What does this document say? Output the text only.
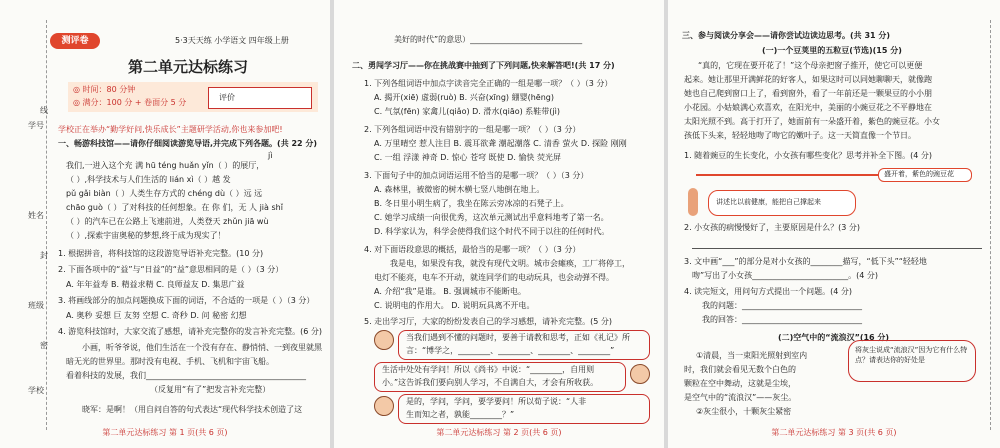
学号
姓名
班级
学校
线
封
密
测评卷	5·3天天练 小学语文 四年级上册
第二单元达标练习
◎ 时间：80 分钟
◎ 满分：100 分 + 卷面分 5 分
评价
学校正在举办“勤学好问,快乐成长”主题研学活动,你也来参加吧!
一、畅游科技馆——请你仔细阅读游览导语,并完成下列各题。(共 22 分)
jì
我们,一进入这个充 满 hū téng huǎn yǐn（ ）的展厅，
（ ）,科学技术与人们生活的 lián xì（ ）越 发
pǔ gǎi biàn（ ）人类生存方式的 chéng dù（ ）远 远
chāo guò（ ）了对科技的任何想象。在 你 们，无 人 jià shǐ
（ ）的汽车已在公路上飞速前进，人类登天 zhǔn jiā wù
（ ）,探索宇宙奥秘的梦想,终于成为现实了！
1. 根据拼音，将科技馆的这段游览导语补充完整。(10 分)
2. 下面各项中的“益”与“日益”的“益”意思相同的是（ ）（3 分）
A. 年年益寿 B. 精益求精 C. 良师益友 D. 集思广益
3. 将画线部分的加点问题换成下面的词语，不合适的一项是（ ）（3 分）
A. 奥秒 妥想 巨 友努 空想 C. 奇秒 D. 问 秘密 幻想
4. 游览科技馆时，大家交流了感想，请补充完整你的发言补充完整。(6 分)
小画，听爷爷说，他们生活在一个没有存在、静悄悄、一到夜里就黑
暗无光的世界里。那时没有电视、手机、飞机和宇宙飞船。
看着科技的发展，我们________________________________________
（反复用“有了”把发言补充完整）
晓军：是啊！（用自问自答的句式表达“现代科学技术创造了这
第二单元达标练习 第 1 页(共 6 页)
美好的时代”的意思）____________________________
二、勇闯学习厅——你在挑战赛中抽到了下列问题,快来解答吧!(共 17 分)
1. 下列各组词语中加点字读音完全正确的一组是哪一项？（ ）（3 分）
A. 揭开(xiē) 虚弱(ruò) B. 兴奋(xīng) 綳婴(hēng)
C. 气氛(fēn) 家禽儿(qiǎo) D. 滑水(qiāo) 系鞋带(jì)
2. 下列各组词语中没有错别字的一组是哪一项？（ ）（3 分）
A. 万里晴空 惹人注目 B. 震耳欲聋 潮起潮落 C. 清香 萤火 D. 探险 刚刚
C. 一组 浮漾 神奇 D. 惊心 苍穹 既使 D. 愉快 荧光屏
3. 下面句子中的加点词语运用不恰当的是哪一项？（ ）（3 分）
A. 森林里，被微密的树木横七竖八地倒在地上。
B. 冬日里小明生病了，我坐在陈云旁冰凉的石凳子上。
C. 她学习成绩一向很优秀，这次单元测试出乎意料地考了第一名。
D. 科学家认为，科学会使得我们这个时代不同于以往的任何时代。
4. 对下面语段意思的概括，最恰当的是哪一项？（ ）（3 分）
我是电，如果没有我，就没有现代文明。城市会瘫痪，工厂将停工，
电灯不能亮，电车不开动，就连同学们的电动玩具，也会动弹不得。
A. 介绍“我”是谁。 B. 强调城市不能断电。
C. 说明电的作用大。 D. 说明玩具离不开电。
5. 走出学习厅，大家的纷纷发表自己的学习感想，请补充完整。(5 分)
当我们遇到不懂的问题时，要善于请教和思考，正如《礼记》所
言：“博学之，________、________、________、________”
生活中处处有学问！所以《尚书》中说：“________，自用则
小。”这告诉我们要向别人学习，不自满自大，才会有所收获。
是的，学问，学问，要学要问！所以荀子说：“人非
生而知之者，孰能________？”
第二单元达标练习 第 2 页(共 6 页)
三、参与阅读分享会——请你尝试边读边思考。(共 31 分)
(一)一个豆荚里的五粒豆(节选)(15 分)
“真的，它现在要开花了！”这个母亲把窗子推开，使它可以更便
起来。她让那里开满鲜花的好客人，如果这时可以同她聊聊天，就像跑
她也自己爬到窗口上了，看到窗外，看了一年前还是一颗果豆的小小朋
小花园。小姑娘满心欢喜欢，在阳光中，美丽的小豌豆花之不平静地在
太阳光照不到。高于打开了，她面前有一朵盛开着，紫色的豌豆花。小女
孩低下头来，轻轻地吻了吻它的嫩叶子。这一天简直像一个节日。
1. 随着豌豆的生长变化，小女孩有哪些变化？思考并补全下图。(4 分)
盛开着，紫色的豌豆花
讲述比以前健康，能把自己撑起来
2. 小女孩的病慢慢好了，主要原因是什么？(3 分)
3. 文中画“___”的部分是对小女孩的________描写，“低下头”“轻轻地
吻”写出了小女孩________________________。(4 分)
4. 读完短文，用问句方式提出一个问题。(4 分)
我的问题：______________________________
我的回答：______________________________
(二)空气中的“流浪汉”(16 分)
①清晨，当一束阳光照射到室内
时，我们就会看见无数个白色的
颗粒在空中舞动，这就是尘埃，
是空气中的“流浪汉”——灰尘。
②灰尘很小，十颗灰尘紧密
将灰尘说成“流浪汉”因为它有什么特点？请表达你的好处是
第二单元达标练习 第 3 页(共 6 页)
